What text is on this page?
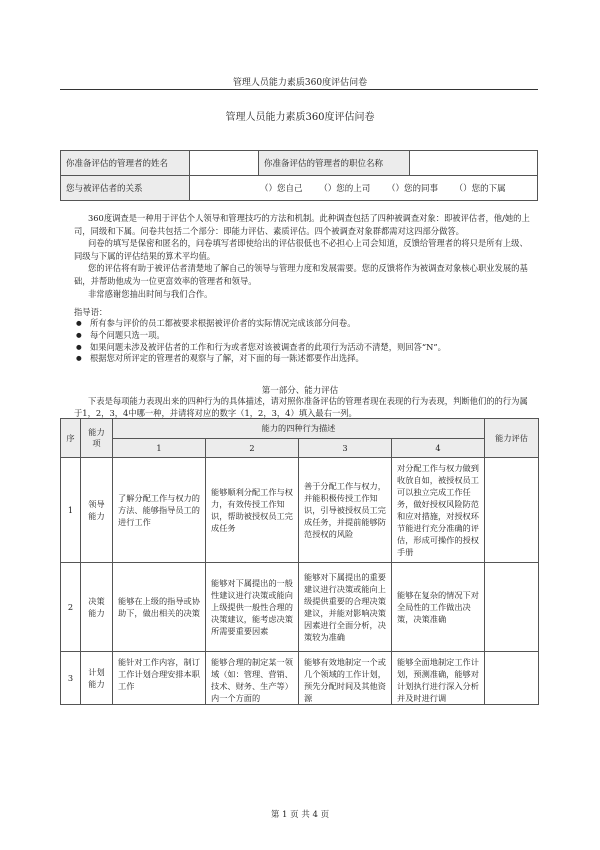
管理人员能力素质360度评估问卷
管理人员能力素质360度评估问卷
你准备评估的管理者的姓名		你准备评估的管理者的职位名称	
您与被评估者的关系	（）您自己 （）您的上司 （）您的同事 （）您的下属		

360度调查是一种用于评估个人领导和管理技巧的方法和机制。此种调查包括了四种被调查对象：即被评估者，他/她的上司，同级和下属。问卷共包括二个部分：即能力评估、素质评估。四个被调查对象群都需对这四部分做答。

问卷的填写是保密和匿名的，问卷填写者即使给出的评估很低也不必担心上司会知道，反馈给管理者的将只是所有上级、同级与下属的评估结果的算术平均值。

您的评估将有助于被评估者清楚地了解自己的领导与管理力度和发展需要。您的反馈将作为被调查对象核心职业发展的基础，并帮助他成为一位更富效率的管理者和领导。

非常感谢您抽出时间与我们合作。

指导语：
● 所有参与评价的员工都被要求根据被评价者的实际情况完成该部分问卷。
● 每个问题只选一项。
● 如果问题未涉及被评估者的工作和行为或者您对该被调查者的此项行为活动不清楚，则回答“N”。
● 根据您对所评定的管理者的观察与了解，对下面的每一陈述都要作出选择。
第一部分、能力评估

下表是每项能力表现出来的四种行为的具体描述，请对照你准备评估的管理者现在表现的行为表现，判断他们的的行为属于1，2，3，4中哪一种，并请将对应的数字（1，2，3，4）填入最右一列。

序	能力项	能力的四种行为描述				能力评估
		1	2	3	4	
1	领导能力	了解分配工作与权力的方法、能够指导员工的进行工作	能够顺利分配工作与权力，有效传授工作知识，帮助被授权员工完成任务	善于分配工作与权力，并能积极传授工作知识，引导被授权员工完成任务，并提前能够防范授权的风险	对分配工作与权力做到收放自如，被授权员工可以独立完成工作任务，做好授权风险防范和应对措施，对授权环节能进行充分准确的评估，形成可操作的授权手册	
2	决策能力	能够在上级的指导或协助下，做出相关的决策	能够对下属提出的一般性建议进行决策或能向上级提供一般性合理的决策建议，能考虑决策所需要重要因素	能够对下属提出的重要建议进行决策或能向上级提供重要的合理决策建议，并能对影响决策因素进行全面分析，决策较为准确	能够在复杂的情况下对全局性的工作做出决策，决策准确	
3	计划能力	能针对工作内容，制订工作计划合理安排本职工作	能够合理的制定某一领域（如：管理、营销、技术、财务、生产等）内一个方面的	能够有效地制定一个或几个领域的工作计划，预先分配时间及其他资源	能够全面地制定工作计划，预测准确，能够对计划执行进行深入分析并及时进行调	

第 1 页 共 4 页
